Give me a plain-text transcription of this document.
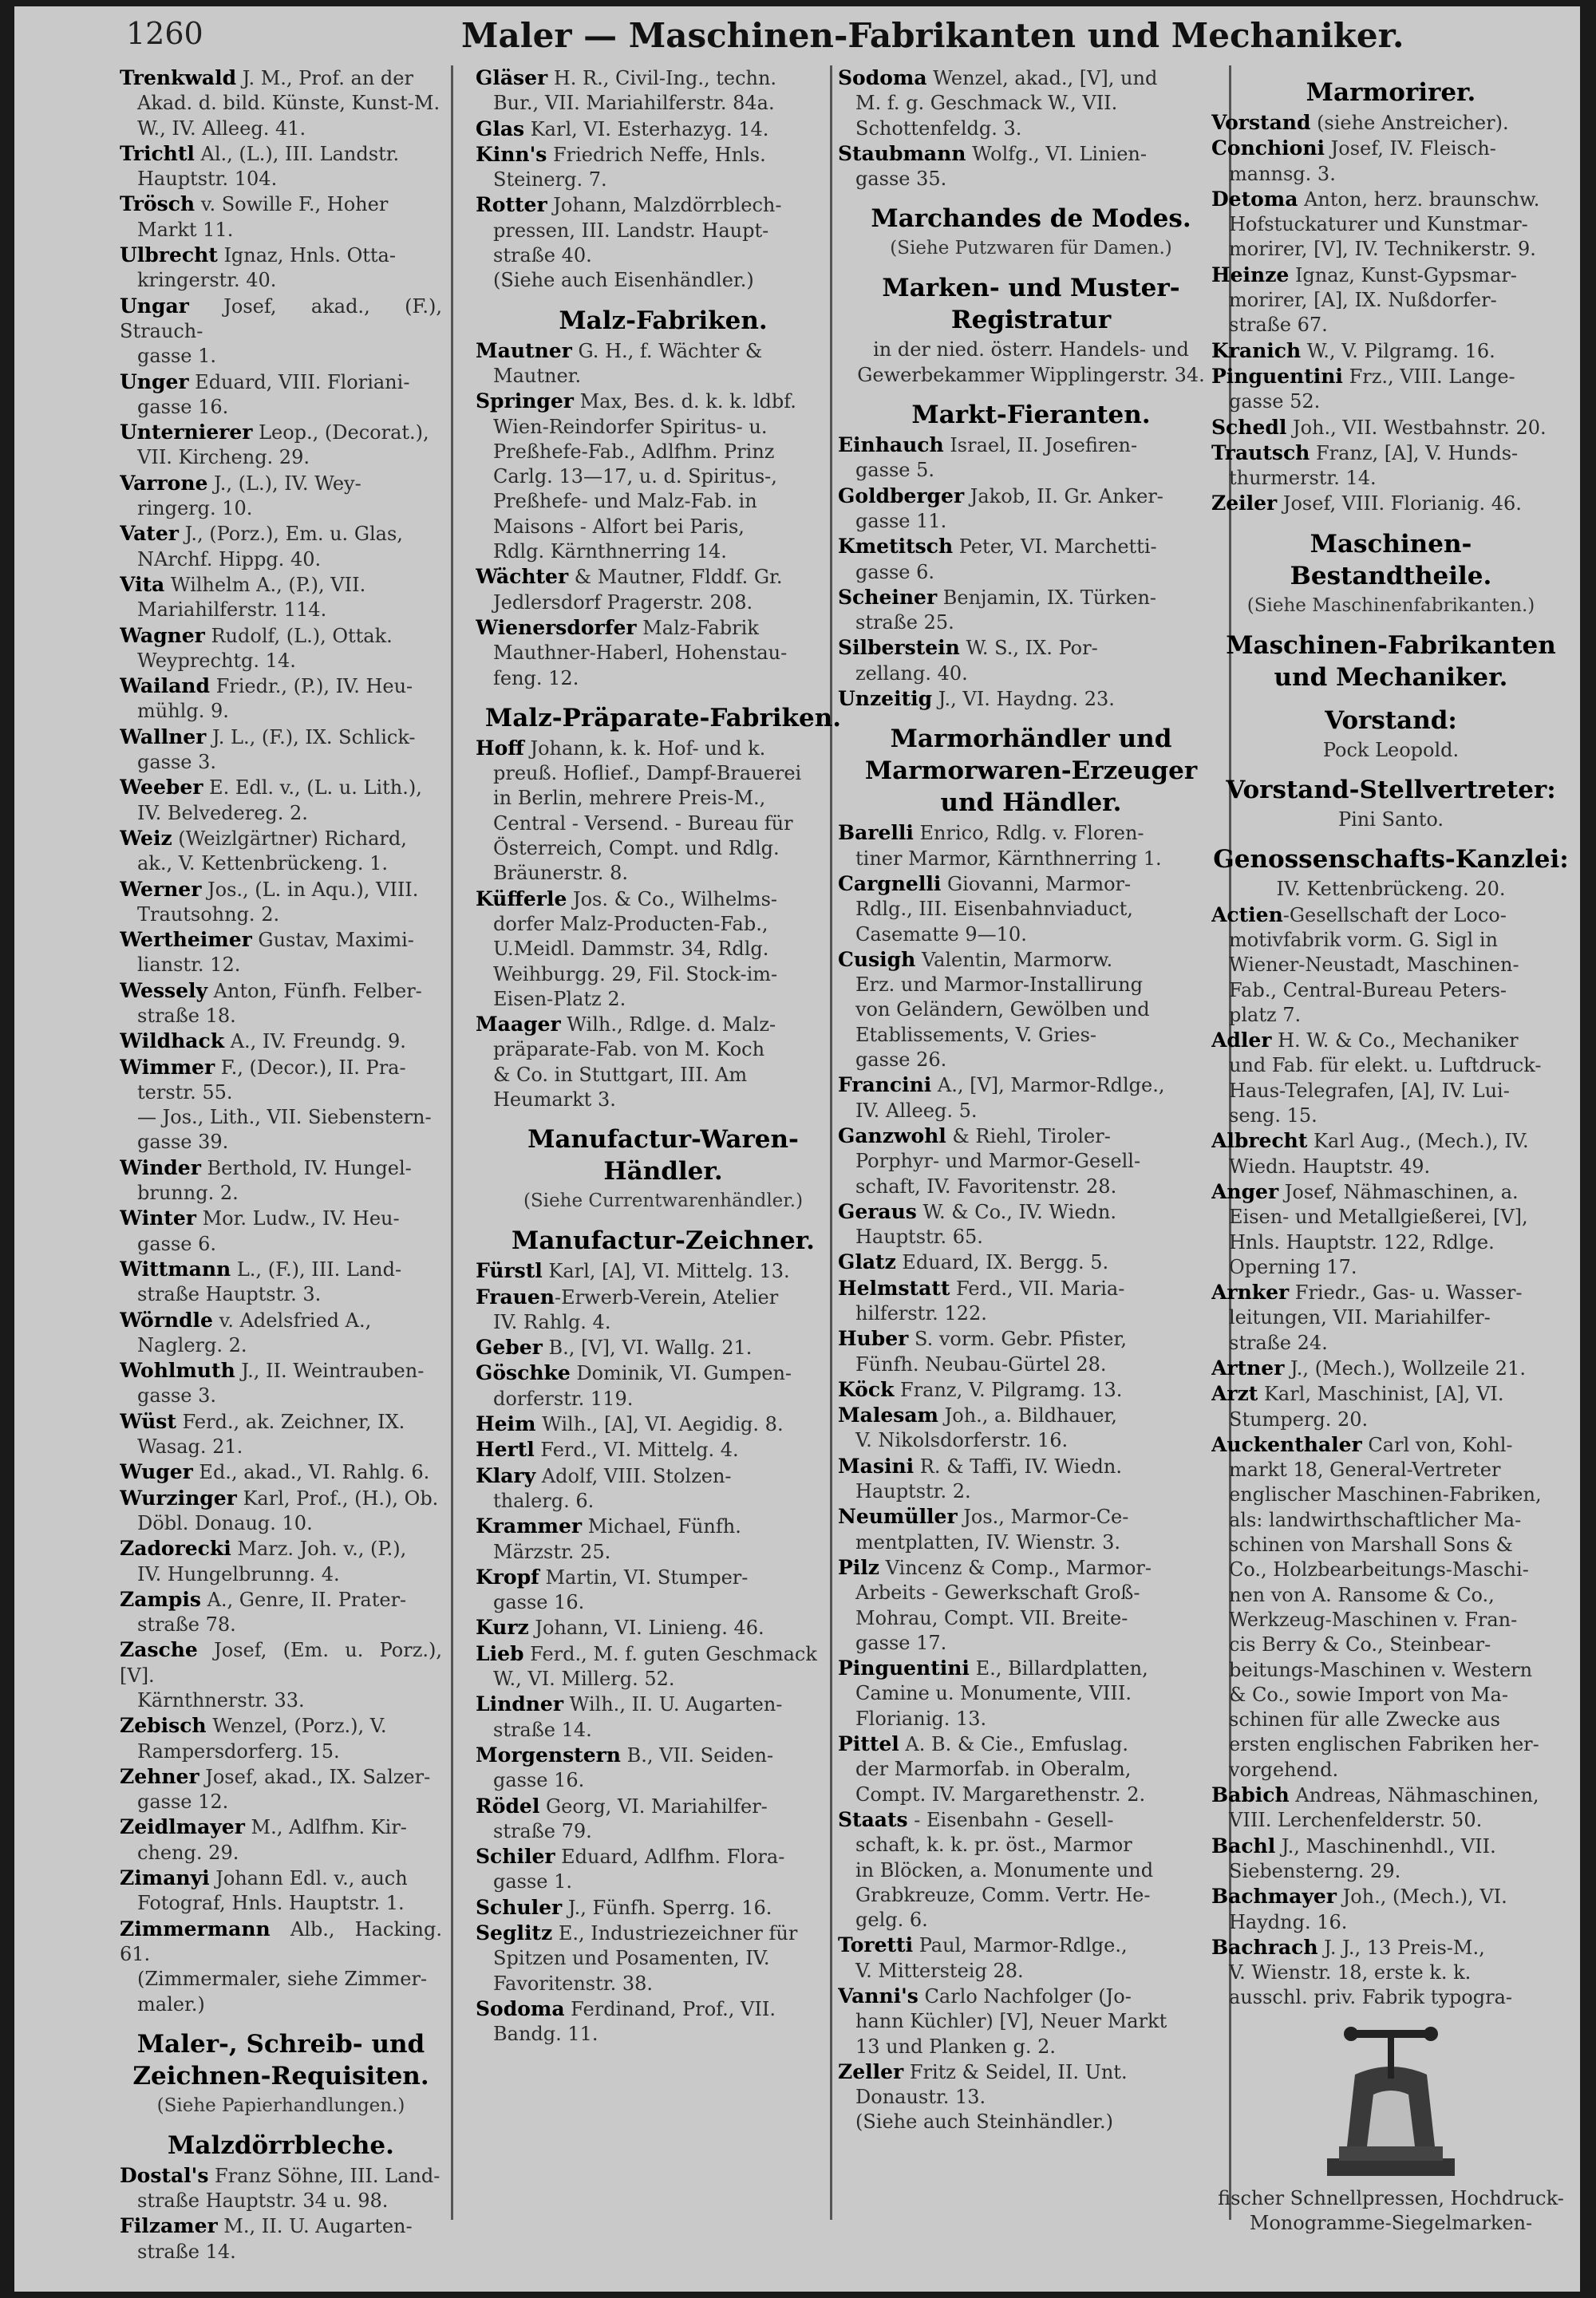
1260	Maler — Maschinen-Fabrikanten und Mechaniker.

Trenkwald J. M., Prof. an der

Akad. d. bild. Künste, Kunst-M.

W., IV. Alleeg. 41.

Trichtl Al., (L.), III. Landstr.

Hauptstr. 104.

Trösch v. Sowille F., Hoher

Markt 11.

Ulbrecht Ignaz, Hnls. Otta-

kringerstr. 40.

Ungar Josef, akad., (F.), Strauch-

gasse 1.

Unger Eduard, VIII. Floriani-

gasse 16.

Unternierer Leop., (Decorat.),

VII. Kircheng. 29.

Varrone J., (L.), IV. Wey-

ringerg. 10.

Vater J., (Porz.), Em. u. Glas,

NArchf. Hippg. 40.

Vita Wilhelm A., (P.), VII.

Mariahilferstr. 114.

Wagner Rudolf, (L.), Ottak.

Weyprechtg. 14.

Wailand Friedr., (P.), IV. Heu-

mühlg. 9.

Wallner J. L., (F.), IX. Schlick-

gasse 3.

Weeber E. Edl. v., (L. u. Lith.),

IV. Belvedereg. 2.

Weiz (Weizlgärtner) Richard,

ak., V. Kettenbrückeng. 1.

Werner Jos., (L. in Aqu.), VIII.

Trautsohng. 2.

Wertheimer Gustav, Maximi-

lianstr. 12.

Wessely Anton, Fünfh. Felber-

straße 18.

Wildhack A., IV. Freundg. 9.

Wimmer F., (Decor.), II. Pra-

terstr. 55.

— Jos., Lith., VII. Siebenstern-

gasse 39.

Winder Berthold, IV. Hungel-

brunng. 2.

Winter Mor. Ludw., IV. Heu-

gasse 6.

Wittmann L., (F.), III. Land-

straße Hauptstr. 3.

Wörndle v. Adelsfried A.,

Naglerg. 2.

Wohlmuth J., II. Weintrauben-

gasse 3.

Wüst Ferd., ak. Zeichner, IX.

Wasag. 21.

Wuger Ed., akad., VI. Rahlg. 6.

Wurzinger Karl, Prof., (H.), Ob.

Döbl. Donaug. 10.

Zadorecki Marz. Joh. v., (P.),

IV. Hungelbrunng. 4.

Zampis A., Genre, II. Prater-

straße 78.

Zasche Josef, (Em. u. Porz.), [V].

Kärnthnerstr. 33.

Zebisch Wenzel, (Porz.), V.

Rampersdorferg. 15.

Zehner Josef, akad., IX. Salzer-

gasse 12.

Zeidlmayer M., Adlfhm. Kir-

cheng. 29.

Zimanyi Johann Edl. v., auch

Fotograf, Hnls. Hauptstr. 1.

Zimmermann Alb., Hacking. 61.

(Zimmermaler, siehe Zimmer-

maler.)

Maler-, Schreib- und Zeichnen-Requisiten.
(Siehe Papierhandlungen.)
Malzdörrbleche.

Dostal's Franz Söhne, III. Land-

straße Hauptstr. 34 u. 98.

Filzamer M., II. U. Augarten-

straße 14.

Gläser H. R., Civil-Ing., techn.

Bur., VII. Mariahilferstr. 84a.

Glas Karl, VI. Esterhazyg. 14.

Kinn's Friedrich Neffe, Hnls.

Steinerg. 7.

Rotter Johann, Malzdörrblech-

pressen, III. Landstr. Haupt-

straße 40.

(Siehe auch Eisenhändler.)

Malz-Fabriken.

Mautner G. H., f. Wächter &

Mautner.

Springer Max, Bes. d. k. k. ldbf.

Wien-Reindorfer Spiritus- u.

Preßhefe-Fab., Adlfhm. Prinz

Carlg. 13—17, u. d. Spiritus-,

Preßhefe- und Malz-Fab. in

Maisons - Alfort bei Paris,

Rdlg. Kärnthnerring 14.

Wächter & Mautner, Flddf. Gr.

Jedlersdorf Pragerstr. 208.

Wienersdorfer Malz-Fabrik

Mauthner-Haberl, Hohenstau-

feng. 12.

Malz-Präparate-Fabriken.

Hoff Johann, k. k. Hof- und k.

preuß. Hoflief., Dampf-Brauerei

in Berlin, mehrere Preis-M.,

Central - Versend. - Bureau für

Österreich, Compt. und Rdlg.

Bräunerstr. 8.

Küfferle Jos. & Co., Wilhelms-

dorfer Malz-Producten-Fab.,

U.Meidl. Dammstr. 34, Rdlg.

Weihburgg. 29, Fil. Stock-im-

Eisen-Platz 2.

Maager Wilh., Rdlge. d. Malz-

präparate-Fab. von M. Koch

& Co. in Stuttgart, III. Am

Heumarkt 3.

Manufactur-Waren-Händler.
(Siehe Currentwarenhändler.)
Manufactur-Zeichner.

Fürstl Karl, [A], VI. Mittelg. 13.

Frauen-Erwerb-Verein, Atelier

IV. Rahlg. 4.

Geber B., [V], VI. Wallg. 21.

Göschke Dominik, VI. Gumpen-

dorferstr. 119.

Heim Wilh., [A], VI. Aegidig. 8.

Hertl Ferd., VI. Mittelg. 4.

Klary Adolf, VIII. Stolzen-

thalerg. 6.

Krammer Michael, Fünfh.

Märzstr. 25.

Kropf Martin, VI. Stumper-

gasse 16.

Kurz Johann, VI. Linieng. 46.

Lieb Ferd., M. f. guten Geschmack

W., VI. Millerg. 52.

Lindner Wilh., II. U. Augarten-

straße 14.

Morgenstern B., VII. Seiden-

gasse 16.

Rödel Georg, VI. Mariahilfer-

straße 79.

Schiler Eduard, Adlfhm. Flora-

gasse 1.

Schuler J., Fünfh. Sperrg. 16.

Seglitz E., Industriezeichner für

Spitzen und Posamenten, IV.

Favoritenstr. 38.

Sodoma Ferdinand, Prof., VII.

Bandg. 11.

Sodoma Wenzel, akad., [V], und

M. f. g. Geschmack W., VII.

Schottenfeldg. 3.

Staubmann Wolfg., VI. Linien-

gasse 35.

Marchandes de Modes.
(Siehe Putzwaren für Damen.)
Marken- und Muster-Registratur
in der nied. österr. Handels- und Gewerbekammer Wipplingerstr. 34.
Markt-Fieranten.

Einhauch Israel, II. Josefiren-

gasse 5.

Goldberger Jakob, II. Gr. Anker-

gasse 11.

Kmetitsch Peter, VI. Marchetti-

gasse 6.

Scheiner Benjamin, IX. Türken-

straße 25.

Silberstein W. S., IX. Por-

zellang. 40.

Unzeitig J., VI. Haydng. 23.

Marmorhändler und Marmorwaren-Erzeuger und Händler.

Barelli Enrico, Rdlg. v. Floren-

tiner Marmor, Kärnthnerring 1.

Cargnelli Giovanni, Marmor-

Rdlg., III. Eisenbahnviaduct,

Casematte 9—10.

Cusigh Valentin, Marmorw.

Erz. und Marmor-Installirung

von Geländern, Gewölben und

Etablissements, V. Gries-

gasse 26.

Francini A., [V], Marmor-Rdlge.,

IV. Alleeg. 5.

Ganzwohl & Riehl, Tiroler-

Porphyr- und Marmor-Gesell-

schaft, IV. Favoritenstr. 28.

Geraus W. & Co., IV. Wiedn.

Hauptstr. 65.

Glatz Eduard, IX. Bergg. 5.

Helmstatt Ferd., VII. Maria-

hilferstr. 122.

Huber S. vorm. Gebr. Pfister,

Fünfh. Neubau-Gürtel 28.

Köck Franz, V. Pilgramg. 13.

Malesam Joh., a. Bildhauer,

V. Nikolsdorferstr. 16.

Masini R. & Taffi, IV. Wiedn.

Hauptstr. 2.

Neumüller Jos., Marmor-Ce-

mentplatten, IV. Wienstr. 3.

Pilz Vincenz & Comp., Marmor-

Arbeits - Gewerkschaft Groß-

Mohrau, Compt. VII. Breite-

gasse 17.

Pinguentini E., Billardplatten,

Camine u. Monumente, VIII.

Florianig. 13.

Pittel A. B. & Cie., Emfuslag.

der Marmorfab. in Oberalm,

Compt. IV. Margarethenstr. 2.

Staats - Eisenbahn - Gesell-

schaft, k. k. pr. öst., Marmor

in Blöcken, a. Monumente und

Grabkreuze, Comm. Vertr. He-

gelg. 6.

Toretti Paul, Marmor-Rdlge.,

V. Mittersteig 28.

Vanni's Carlo Nachfolger (Jo-

hann Küchler) [V], Neuer Markt

13 und Planken g. 2.

Zeller Fritz & Seidel, II. Unt.

Donaustr. 13.

(Siehe auch Steinhändler.)

Marmorirer.

Vorstand (siehe Anstreicher).

Conchioni Josef, IV. Fleisch-

mannsg. 3.

Detoma Anton, herz. braunschw.

Hofstuckaturer und Kunstmar-

morirer, [V], IV. Technikerstr. 9.

Heinze Ignaz, Kunst-Gypsmar-

morirer, [A], IX. Nußdorfer-

straße 67.

Kranich W., V. Pilgramg. 16.

Pinguentini Frz., VIII. Lange-

gasse 52.

Schedl Joh., VII. Westbahnstr. 20.

Trautsch Franz, [A], V. Hunds-

thurmerstr. 14.

Zeiler Josef, VIII. Florianig. 46.

Maschinen-Bestandtheile.
(Siehe Maschinenfabrikanten.)
Maschinen-Fabrikanten und Mechaniker.
Vorstand:
Pock Leopold.
Vorstand-Stellvertreter:
Pini Santo.
Genossenschafts-Kanzlei:
IV. Kettenbrückeng. 20.

Actien-Gesellschaft der Loco-

motivfabrik vorm. G. Sigl in

Wiener-Neustadt, Maschinen-

Fab., Central-Bureau Peters-

platz 7.

Adler H. W. & Co., Mechaniker

und Fab. für elekt. u. Luftdruck-

Haus-Telegrafen, [A], IV. Lui-

seng. 15.

Albrecht Karl Aug., (Mech.), IV.

Wiedn. Hauptstr. 49.

Anger Josef, Nähmaschinen, a.

Eisen- und Metallgießerei, [V],

Hnls. Hauptstr. 122, Rdlge.

Operning 17.

Arnker Friedr., Gas- u. Wasser-

leitungen, VII. Mariahilfer-

straße 24.

Artner J., (Mech.), Wollzeile 21.

Arzt Karl, Maschinist, [A], VI.

Stumperg. 20.

Auckenthaler Carl von, Kohl-

markt 18, General-Vertreter

englischer Maschinen-Fabriken,

als: landwirthschaftlicher Ma-

schinen von Marshall Sons &

Co., Holzbearbeitungs-Maschi-

nen von A. Ransome & Co.,

Werkzeug-Maschinen v. Fran-

cis Berry & Co., Steinbear-

beitungs-Maschinen v. Western

& Co., sowie Import von Ma-

schinen für alle Zwecke aus

ersten englischen Fabriken her-

vorgehend.

Babich Andreas, Nähmaschinen,

VIII. Lerchenfelderstr. 50.

Bachl J., Maschinenhdl., VII.

Siebensterng. 29.

Bachmayer Joh., (Mech.), VI.

Haydng. 16.

Bachrach J. J., 13 Preis-M.,

V. Wienstr. 18, erste k. k.

ausschl. priv. Fabrik typogra-

fischer Schnellpressen, Hochdruck-Monogramme-Siegelmarken-
